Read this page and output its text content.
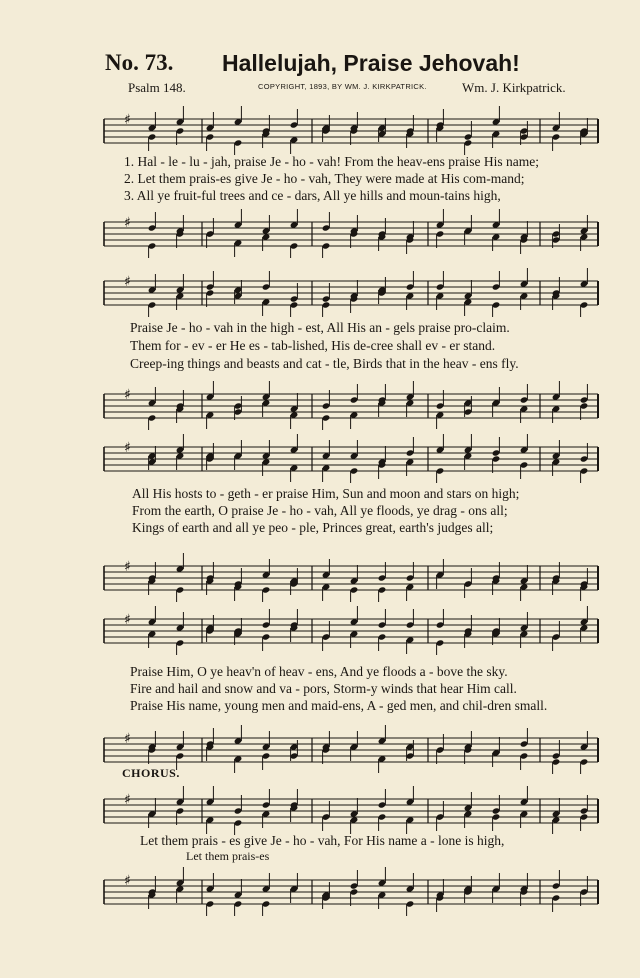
No. 73. Hallelujah, Praise Jehovah!
Psalm 148.	COPYRIGHT, 1893, BY WM. J. KIRKPATRICK.	Wm. J. Kirkpatrick.
♯
1. Hal - le - lu - jah, praise Je - ho - vah! From the heav-ens praise His name;
2. Let them prais-es give Je - ho - vah, They were made at His com-mand;
3. All ye fruit-ful trees and ce - dars, All ye hills and moun-tains high,
♯
♯
Praise Je - ho - vah in the high - est, All His an - gels praise pro-claim.
Them for - ev - er He es - tab-lished, His de-cree shall ev - er stand.
Creep-ing things and beasts and cat - tle, Birds that in the heav - ens fly.
♯
♯
All His hosts to - geth - er praise Him, Sun and moon and stars on high;
From the earth, O praise Je - ho - vah, All ye floods, ye drag - ons all;
Kings of earth and all ye peo - ple, Princes great, earth's judges all;
♯
♯
Praise Him, O ye heav'n of heav - ens, And ye floods a - bove the sky.
Fire and hail and snow and va - pors, Storm-y winds that hear Him call.
Praise His name, young men and maid-ens, A - ged men, and chil-dren small.
♯
CHORUS.
♯
Let them prais - es give Je - ho - vah, For His name a - lone is high,
Let them prais-es
♯
